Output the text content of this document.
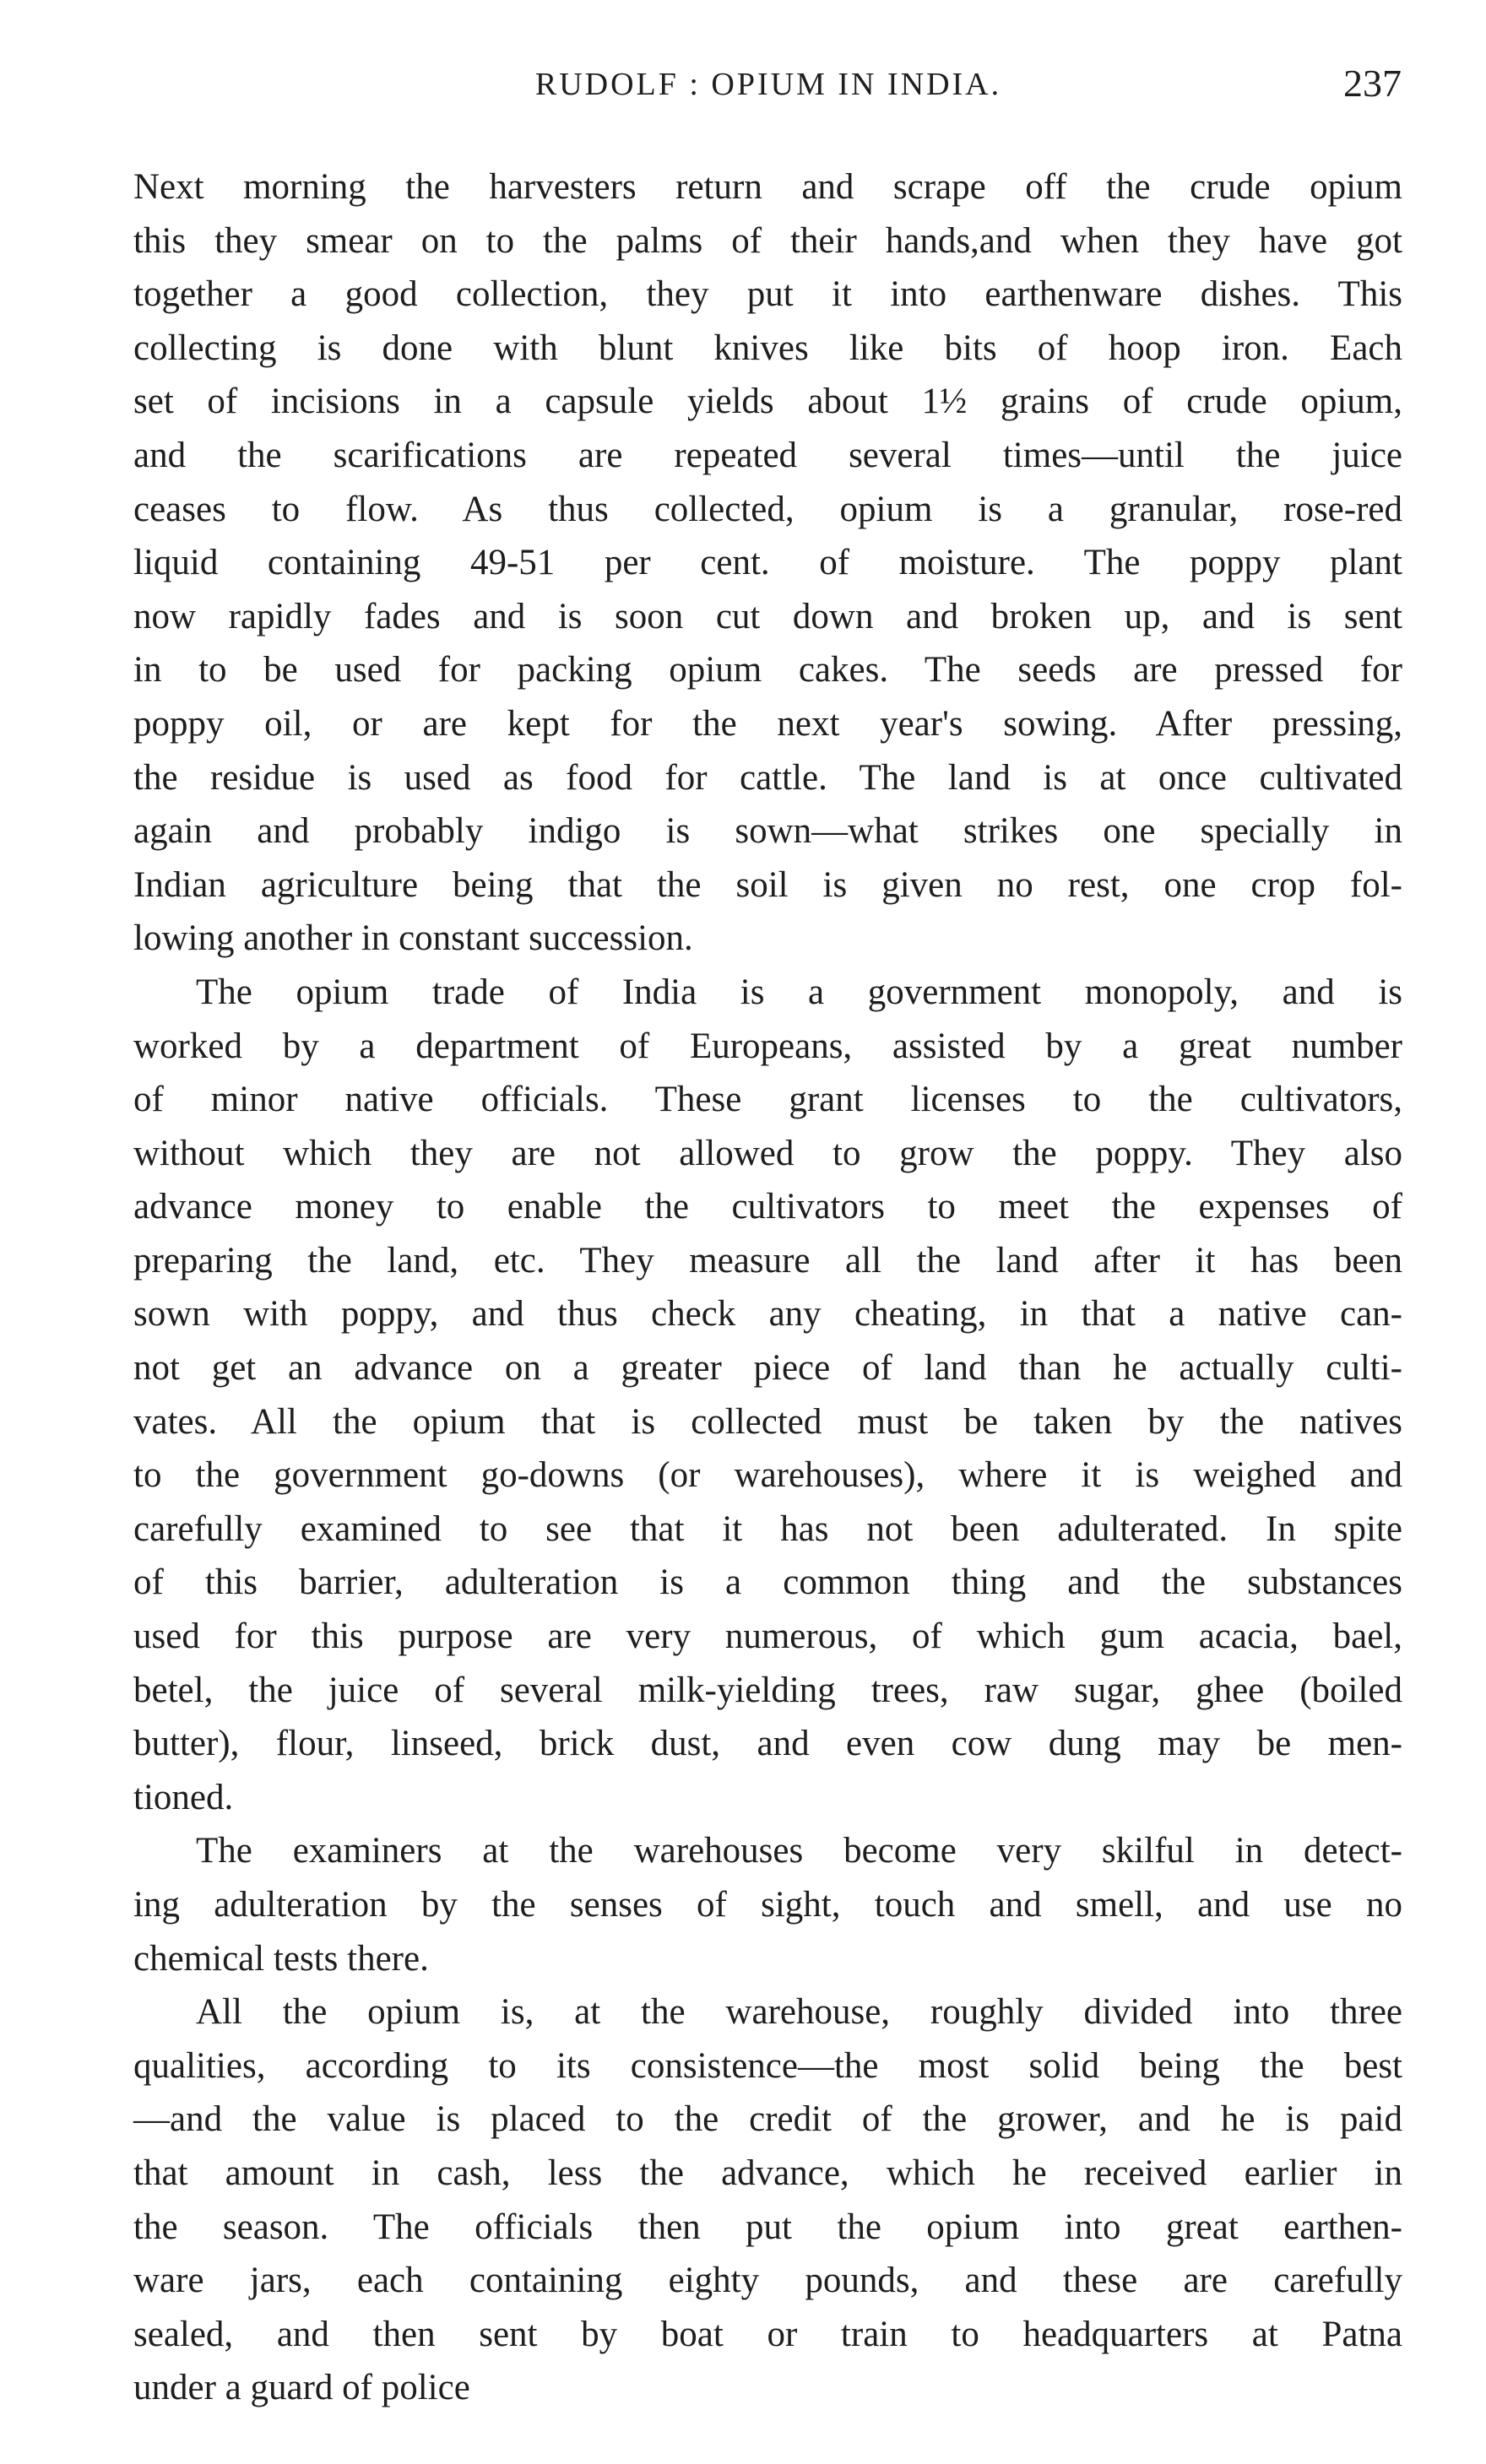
RUDOLF : OPIUM IN INDIA.	237
Next morning the harvesters return and scrape off the crude opium
this they smear on to the palms of their hands,and when they have got
together a good collection, they put it into earthenware dishes. This
collecting is done with blunt knives like bits of hoop iron. Each
set of incisions in a capsule yields about 1½ grains of crude opium,
and the scarifications are repeated several times—until the juice
ceases to flow. As thus collected, opium is a granular, rose-red
liquid containing 49-51 per cent. of moisture. The poppy plant
now rapidly fades and is soon cut down and broken up, and is sent
in to be used for packing opium cakes. The seeds are pressed for
poppy oil, or are kept for the next year's sowing. After pressing,
the residue is used as food for cattle. The land is at once cultivated
again and probably indigo is sown—what strikes one specially in
Indian agriculture being that the soil is given no rest, one crop fol-
lowing another in constant succession.
The opium trade of India is a government monopoly, and is
worked by a department of Europeans, assisted by a great number
of minor native officials. These grant licenses to the cultivators,
without which they are not allowed to grow the poppy. They also
advance money to enable the cultivators to meet the expenses of
preparing the land, etc. They measure all the land after it has been
sown with poppy, and thus check any cheating, in that a native can-
not get an advance on a greater piece of land than he actually culti-
vates. All the opium that is collected must be taken by the natives
to the government go-downs (or warehouses), where it is weighed and
carefully examined to see that it has not been adulterated. In spite
of this barrier, adulteration is a common thing and the substances
used for this purpose are very numerous, of which gum acacia, bael,
betel, the juice of several milk-yielding trees, raw sugar, ghee (boiled
butter), flour, linseed, brick dust, and even cow dung may be men-
tioned.
The examiners at the warehouses become very skilful in detect-
ing adulteration by the senses of sight, touch and smell, and use no
chemical tests there.
All the opium is, at the warehouse, roughly divided into three
qualities, according to its consistence—the most solid being the best
—and the value is placed to the credit of the grower, and he is paid
that amount in cash, less the advance, which he received earlier in
the season. The officials then put the opium into great earthen-
ware jars, each containing eighty pounds, and these are carefully
sealed, and then sent by boat or train to headquarters at Patna
under a guard of police
